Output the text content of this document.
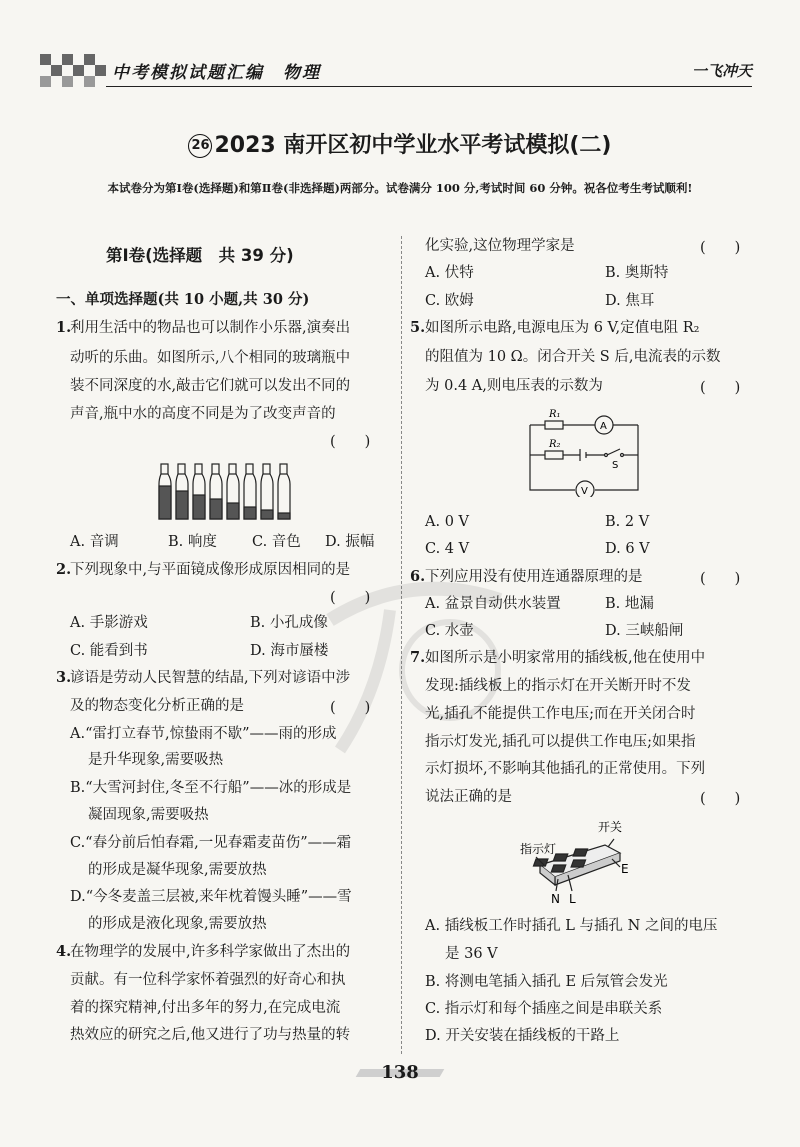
中考模拟试题汇编　物理	一飞冲天
26 2023 南开区初中学业水平考试模拟(二)
本试卷分为第Ⅰ卷(选择题)和第Ⅱ卷(非选择题)两部分。试卷满分 100 分,考试时间 60 分钟。祝各位考生考试顺利!
第Ⅰ卷(选择题　共 39 分)
一、单项选择题(共 10 小题,共 30 分)
1.
利用生活中的物品也可以制作小乐器,演奏出
动听的乐曲。如图所示,八个相同的玻璃瓶中
装不同深度的水,敲击它们就可以发出不同的
声音,瓶中水的高度不同是为了改变声音的
(　　)
A. 音调	B. 响度 C. 音色 D. 振幅
2.
下列现象中,与平面镜成像形成原因相同的是
(　　)
A. 手影游戏	B. 小孔成像
C. 能看到书	D. 海市蜃楼
3.
谚语是劳动人民智慧的结晶,下列对谚语中涉
及的物态变化分析正确的是	(　　)
A.“雷打立春节,惊蛰雨不歇”——雨的形成
是升华现象,需要吸热
B.“大雪河封住,冬至不行船”——冰的形成是
凝固现象,需要吸热
C.“春分前后怕春霜,一见春霜麦苗伤”——霜
的形成是凝华现象,需要放热
D.“今冬麦盖三层被,来年枕着馒头睡”——雪
的形成是液化现象,需要放热
4.
在物理学的发展中,许多科学家做出了杰出的
贡献。有一位科学家怀着强烈的好奇心和执
着的探究精神,付出多年的努力,在完成电流
热效应的研究之后,他又进行了功与热量的转
化实验,这位物理学家是	(　　)
A. 伏特	B. 奥斯特
C. 欧姆	D. 焦耳
5. 如图所示电路,电源电压为 6 V,定值电阻 R₂
的阻值为 10 Ω。闭合开关 S 后,电流表的示数
为 0.4 A,则电压表的示数为	(　　)
R₁
R₂
A
S
V
A. 0 V	B. 2 V
C. 4 V	D. 6 V
6. 下列应用没有使用连通器原理的是	(　　)
A. 盆景自动供水装置	B. 地漏
C. 水壶	D. 三峡船闸
7. 如图所示是小明家常用的插线板,他在使用中
发现:插线板上的指示灯在开关断开时不发
光,插孔不能提供工作电压;而在开关闭合时
指示灯发光,插孔可以提供工作电压;如果指
示灯损坏,不影响其他插孔的正常使用。下列
说法正确的是	(　　)
指示灯
开关
N L
E
A. 插线板工作时插孔 L 与插孔 N 之间的电压
是 36 V
B. 将测电笔插入插孔 E 后氖管会发光
C. 指示灯和每个插座之间是串联关系
D. 开关安装在插线板的干路上
138
